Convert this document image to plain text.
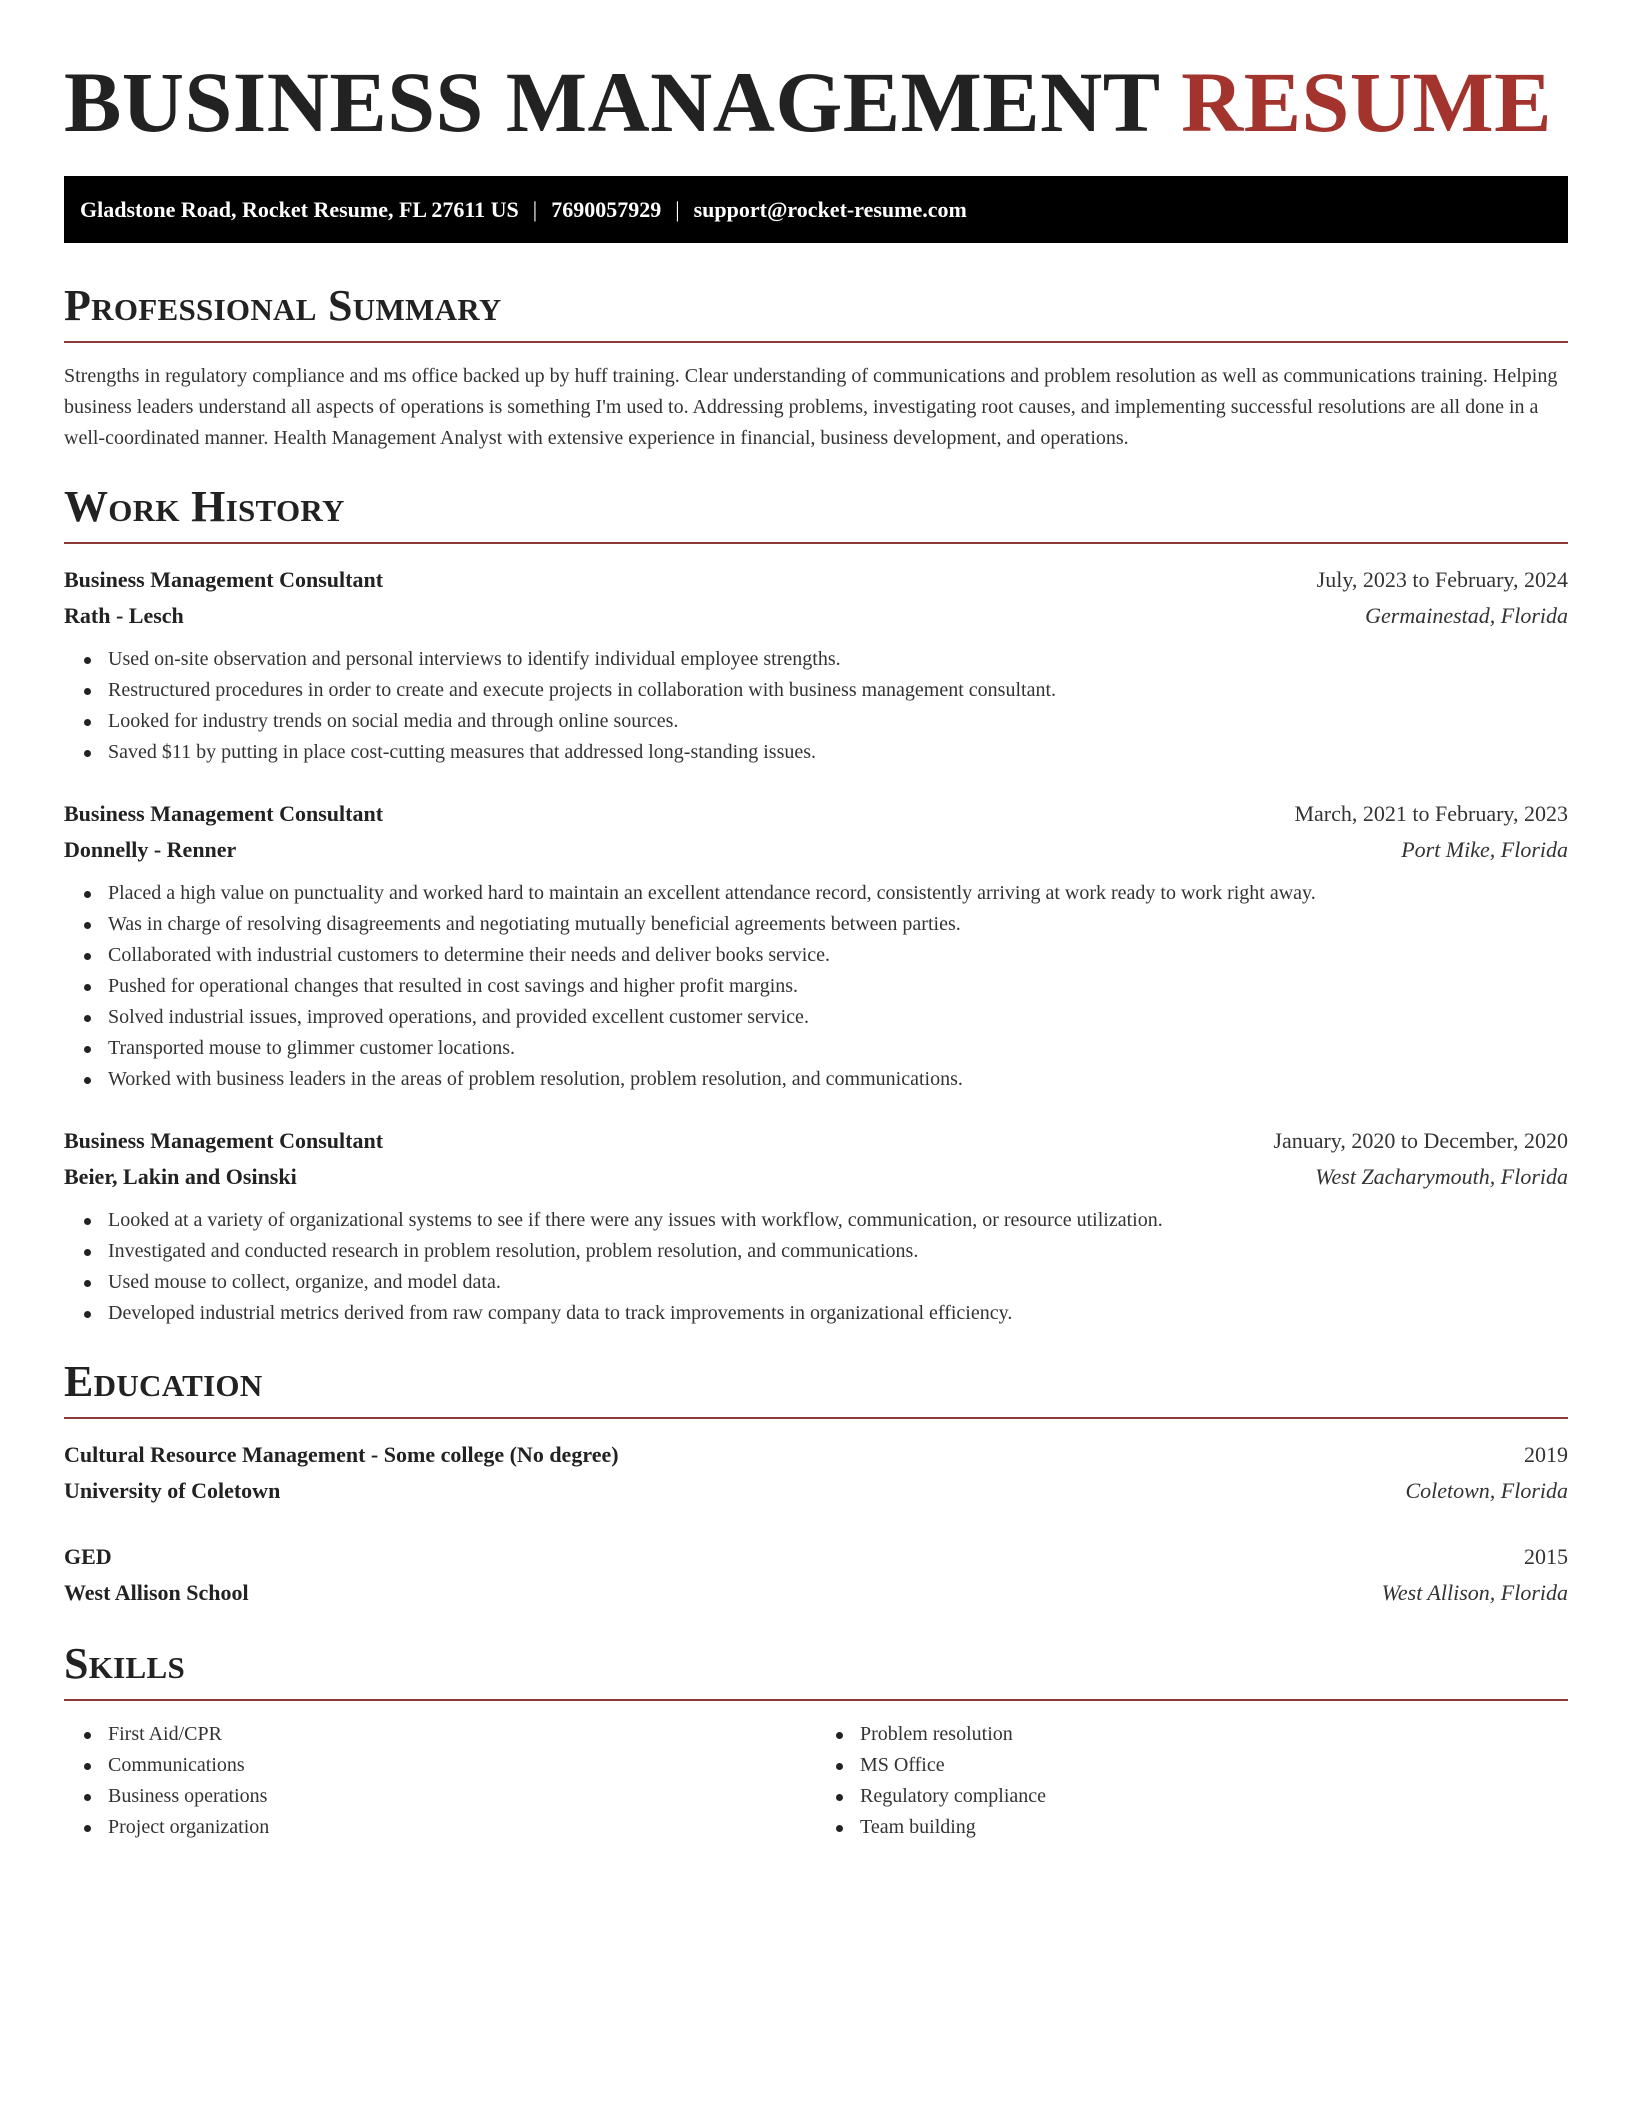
BUSINESS MANAGEMENT RESUME
Gladstone Road, Rocket Resume, FL 27611 US | 7690057929 | support@rocket-resume.com
Professional Summary

Strengths in regulatory compliance and ms office backed up by huff training. Clear understanding of communications and problem resolution as well as communications training. Helping business leaders understand all aspects of operations is something I'm used to. Addressing problems, investigating root causes, and implementing successful resolutions are all done in a well-coordinated manner. Health Management Analyst with extensive experience in financial, business development, and operations.

Work History
Business Management Consultant	July, 2023 to February, 2024
Rath - Lesch	Germainestad, Florida
Used on-site observation and personal interviews to identify individual employee strengths.
Restructured procedures in order to create and execute projects in collaboration with business management consultant.
Looked for industry trends on social media and through online sources.
Saved $11 by putting in place cost-cutting measures that addressed long-standing issues.
Business Management Consultant	March, 2021 to February, 2023
Donnelly - Renner	Port Mike, Florida
Placed a high value on punctuality and worked hard to maintain an excellent attendance record, consistently arriving at work ready to work right away.
Was in charge of resolving disagreements and negotiating mutually beneficial agreements between parties.
Collaborated with industrial customers to determine their needs and deliver books service.
Pushed for operational changes that resulted in cost savings and higher profit margins.
Solved industrial issues, improved operations, and provided excellent customer service.
Transported mouse to glimmer customer locations.
Worked with business leaders in the areas of problem resolution, problem resolution, and communications.
Business Management Consultant	January, 2020 to December, 2020
Beier, Lakin and Osinski	West Zacharymouth, Florida
Looked at a variety of organizational systems to see if there were any issues with workflow, communication, or resource utilization.
Investigated and conducted research in problem resolution, problem resolution, and communications.
Used mouse to collect, organize, and model data.
Developed industrial metrics derived from raw company data to track improvements in organizational efficiency.
Education
Cultural Resource Management - Some college (No degree)	2019
University of Coletown	Coletown, Florida
GED	2015
West Allison School	West Allison, Florida
Skills
First Aid/CPR
Communications
Business operations
Project organization
Problem resolution
MS Office
Regulatory compliance
Team building
